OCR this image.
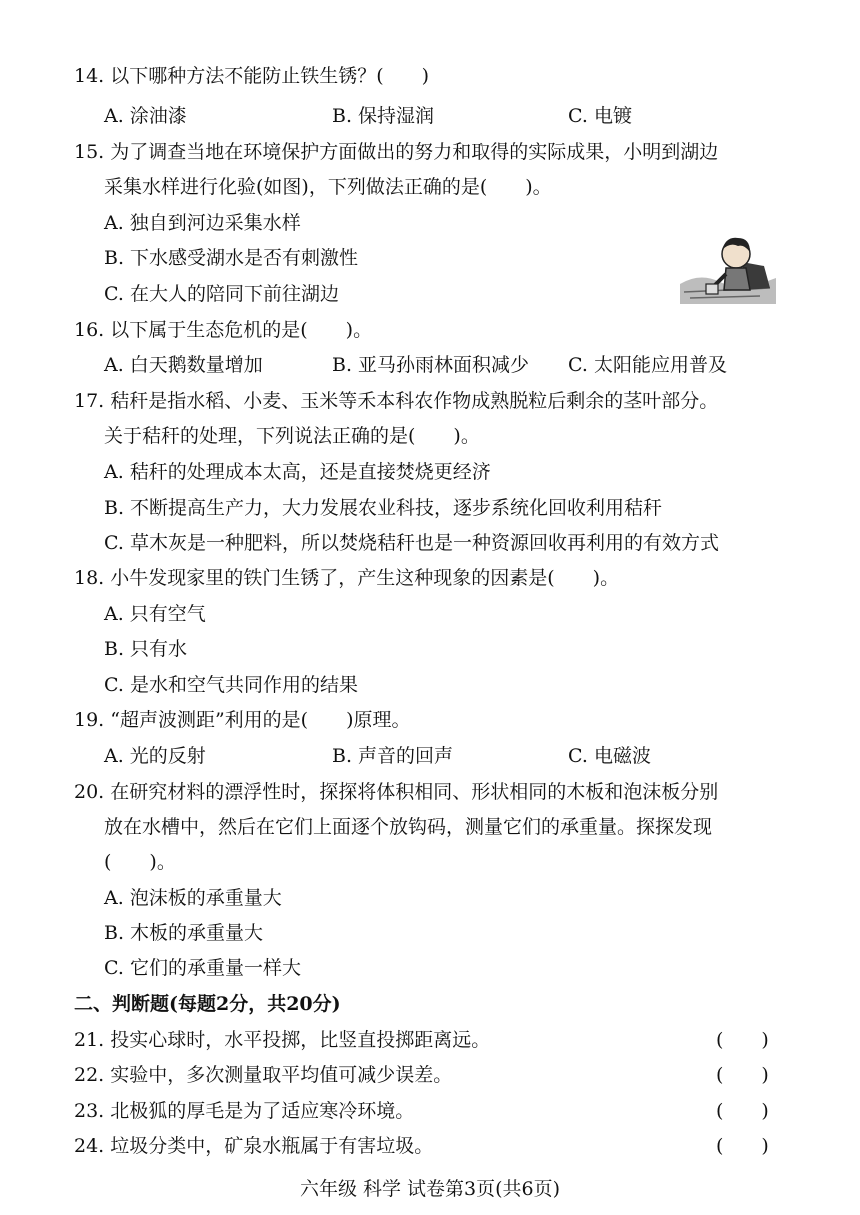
14. 以下哪种方法不能防止铁生锈？(　　)
A. 涂油漆	B. 保持湿润	C. 电镀
15. 为了调查当地在环境保护方面做出的努力和取得的实际成果，小明到湖边
采集水样进行化验(如图)，下列做法正确的是(　　)。
A. 独自到河边采集水样
B. 下水感受湖水是否有刺激性
C. 在大人的陪同下前往湖边
16. 以下属于生态危机的是(　　)。
A. 白天鹅数量增加	B. 亚马孙雨林面积减少 C. 太阳能应用普及
17. 秸秆是指水稻、小麦、玉米等禾本科农作物成熟脱粒后剩余的茎叶部分。
关于秸秆的处理，下列说法正确的是(　　)。
A. 秸秆的处理成本太高，还是直接焚烧更经济
B. 不断提高生产力，大力发展农业科技，逐步系统化回收利用秸秆
C. 草木灰是一种肥料，所以焚烧秸秆也是一种资源回收再利用的有效方式
18. 小牛发现家里的铁门生锈了，产生这种现象的因素是(　　)。
A. 只有空气
B. 只有水
C. 是水和空气共同作用的结果
19. “超声波测距”利用的是(　　)原理。
A. 光的反射	B. 声音的回声	C. 电磁波
20. 在研究材料的漂浮性时，探探将体积相同、形状相同的木板和泡沫板分别
放在水槽中，然后在它们上面逐个放钩码，测量它们的承重量。探探发现
(　　)。
A. 泡沫板的承重量大
B. 木板的承重量大
C. 它们的承重量一样大
二、判断题(每题2分，共20分)
21. 投实心球时，水平投掷，比竖直投掷距离远。	(　　)
22. 实验中，多次测量取平均值可减少误差。	(　　)
23. 北极狐的厚毛是为了适应寒冷环境。	(　　)
24. 垃圾分类中，矿泉水瓶属于有害垃圾。	(　　)
六年级 科学 试卷第3页(共6页)
